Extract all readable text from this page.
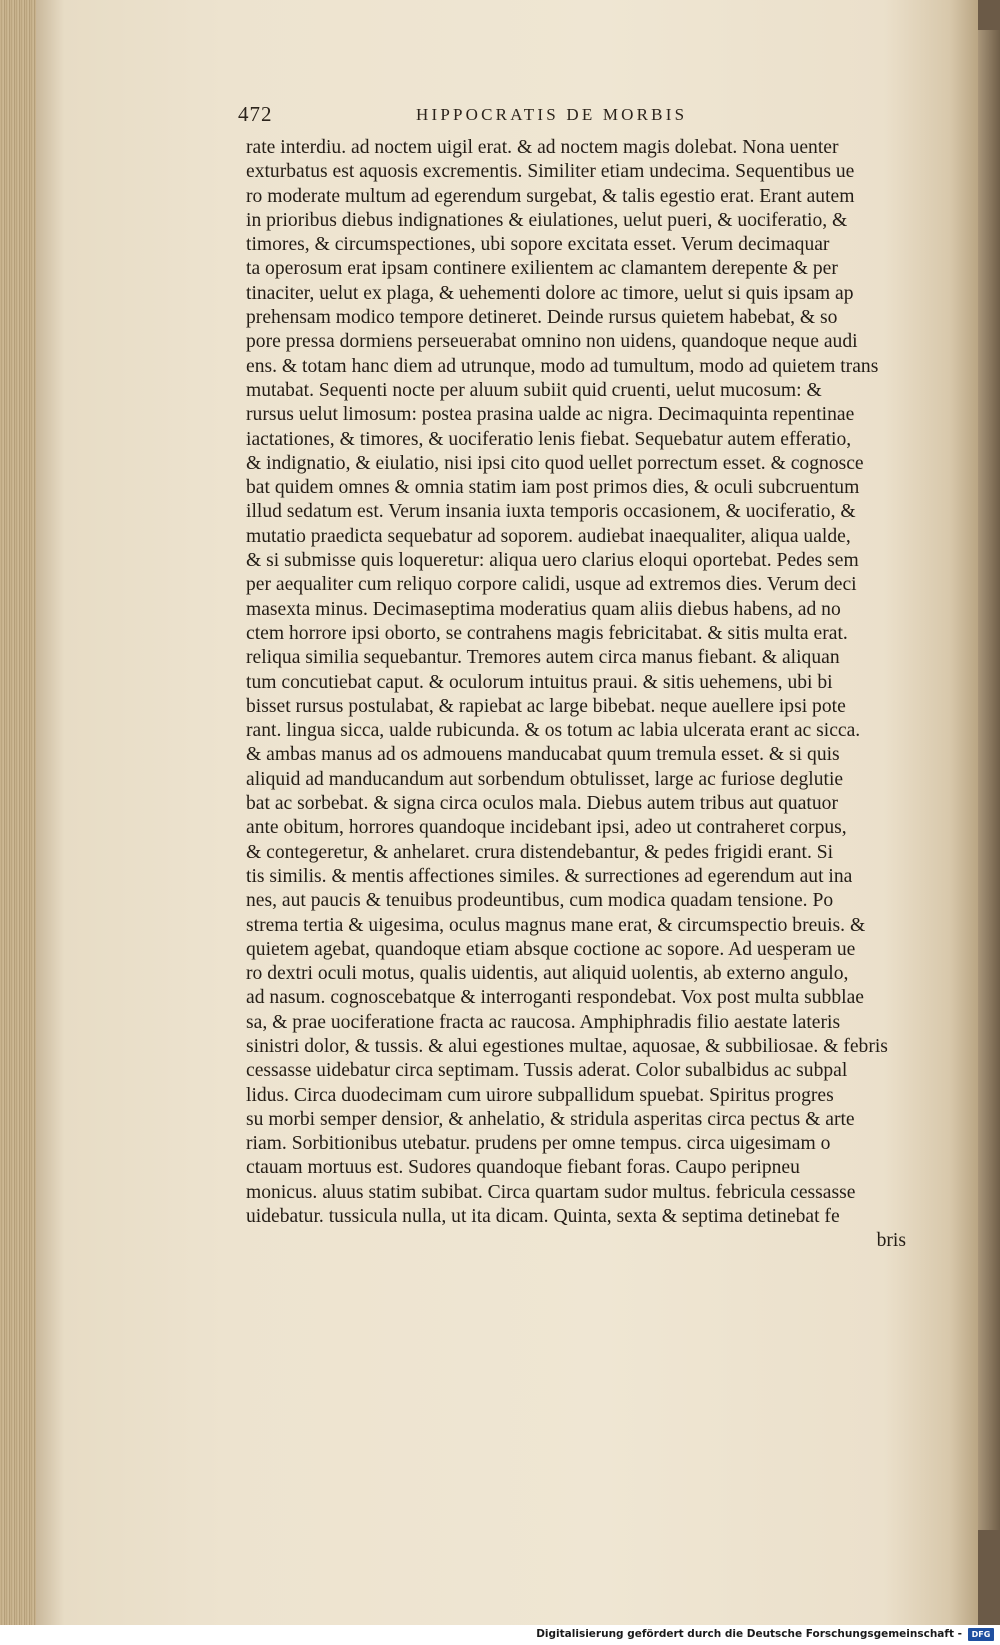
472	HIPPOCRATIS DE MORBIS
rate interdiu. ad noctem uigil erat. & ad noctem magis dolebat. Nona uenter
exturbatus est aquosis excrementis. Similiter etiam undecima. Sequentibus ue
ro moderate multum ad egerendum surgebat, & talis egestio erat. Erant autem
in prioribus diebus indignationes & eiulationes, uelut pueri, & uociferatio, &
timores, & circumspectiones, ubi sopore excitata esset. Verum decimaquar
ta operosum erat ipsam continere exilientem ac clamantem derepente & per
tinaciter, uelut ex plaga, & uehementi dolore ac timore, uelut si quis ipsam ap
prehensam modico tempore detineret. Deinde rursus quietem habebat, & so
pore pressa dormiens perseuerabat omnino non uidens, quandoque neque audi
ens. & totam hanc diem ad utrunque, modo ad tumultum, modo ad quietem trans
mutabat. Sequenti nocte per aluum subiit quid cruenti, uelut mucosum: &
rursus uelut limosum: postea prasina ualde ac nigra. Decimaquinta repentinae
iactationes, & timores, & uociferatio lenis fiebat. Sequebatur autem efferatio,
& indignatio, & eiulatio, nisi ipsi cito quod uellet porrectum esset. & cognosce
bat quidem omnes & omnia statim iam post primos dies, & oculi subcruentum
illud sedatum est. Verum insania iuxta temporis occasionem, & uociferatio, &
mutatio praedicta sequebatur ad soporem. audiebat inaequaliter, aliqua ualde,
& si submisse quis loqueretur: aliqua uero clarius eloqui oportebat. Pedes sem
per aequaliter cum reliquo corpore calidi, usque ad extremos dies. Verum deci
masexta minus. Decimaseptima moderatius quam aliis diebus habens, ad no
ctem horrore ipsi oborto, se contrahens magis febricitabat. & sitis multa erat.
reliqua similia sequebantur. Tremores autem circa manus fiebant. & aliquan
tum concutiebat caput. & oculorum intuitus praui. & sitis uehemens, ubi bi
bisset rursus postulabat, & rapiebat ac large bibebat. neque auellere ipsi pote
rant. lingua sicca, ualde rubicunda. & os totum ac labia ulcerata erant ac sicca.
& ambas manus ad os admouens manducabat quum tremula esset. & si quis
aliquid ad manducandum aut sorbendum obtulisset, large ac furiose deglutie
bat ac sorbebat. & signa circa oculos mala. Diebus autem tribus aut quatuor
ante obitum, horrores quandoque incidebant ipsi, adeo ut contraheret corpus,
& contegeretur, & anhelaret. crura distendebantur, & pedes frigidi erant. Si
tis similis. & mentis affectiones similes. & surrectiones ad egerendum aut ina
nes, aut paucis & tenuibus prodeuntibus, cum modica quadam tensione. Po
strema tertia & uigesima, oculus magnus mane erat, & circumspectio breuis. &
quietem agebat, quandoque etiam absque coctione ac sopore. Ad uesperam ue
ro dextri oculi motus, qualis uidentis, aut aliquid uolentis, ab externo angulo,
ad nasum. cognoscebatque & interroganti respondebat. Vox post multa subblae
sa, & prae uociferatione fracta ac raucosa. Amphiphradis filio aestate lateris
sinistri dolor, & tussis. & alui egestiones multae, aquosae, & subbiliosae. & febris
cessasse uidebatur circa septimam. Tussis aderat. Color subalbidus ac subpal
lidus. Circa duodecimam cum uirore subpallidum spuebat. Spiritus progres
su morbi semper densior, & anhelatio, & stridula asperitas circa pectus & arte
riam. Sorbitionibus utebatur. prudens per omne tempus. circa uigesimam o
ctauam mortuus est. Sudores quandoque fiebant foras. Caupo peripneu
monicus. aluus statim subibat. Circa quartam sudor multus. febricula cessasse
uidebatur. tussicula nulla, ut ita dicam. Quinta, sexta & septima detinebat fe
bris
Digitalisierung gefördert durch die Deutsche Forschungsgemeinschaft -	DFG
